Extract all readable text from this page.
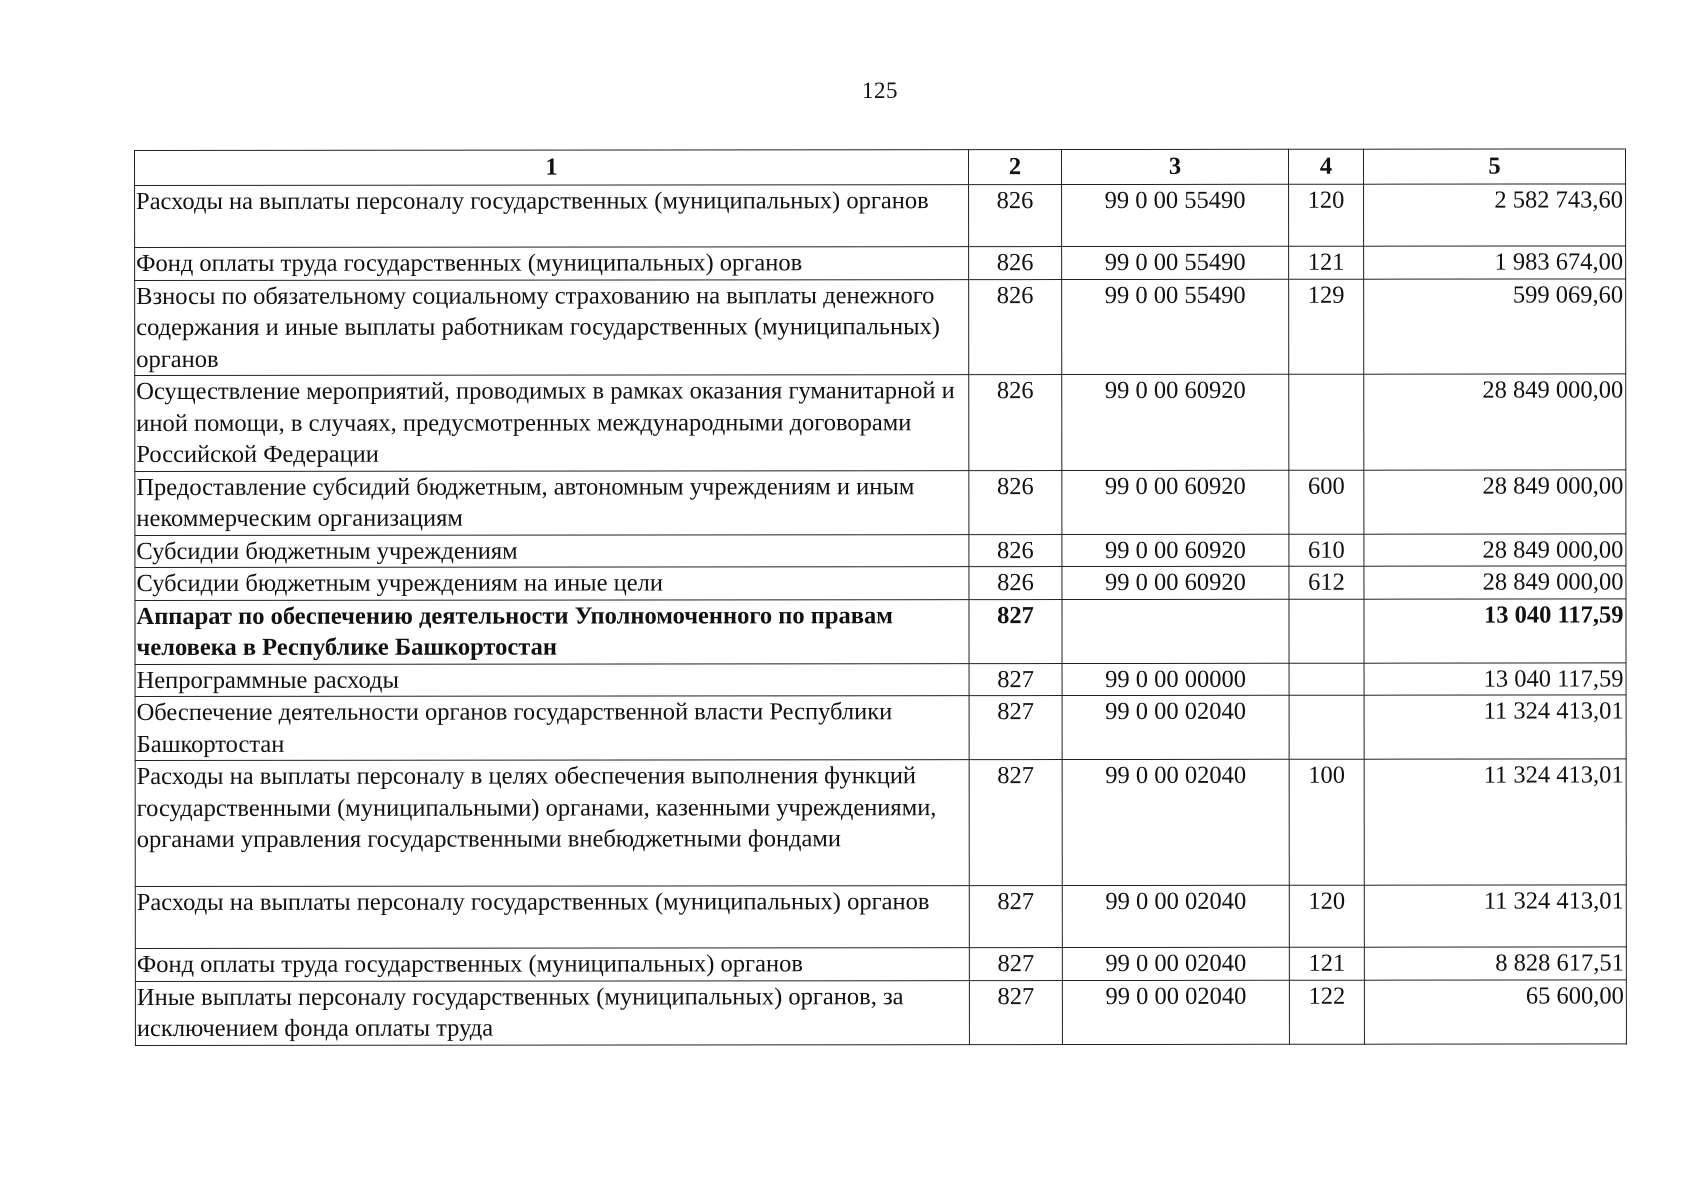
125
1	2	3	4	5
Расходы на выплаты персоналу государственных (муниципальных) органов	826	99 0 00 55490	120	2 582 743,60
Фонд оплаты труда государственных (муниципальных) органов	826	99 0 00 55490	121	1 983 674,00
Взносы по обязательному социальному страхованию на выплаты денежного содержания и иные выплаты работникам государственных (муниципальных) органов	826	99 0 00 55490	129	599 069,60
Осуществление мероприятий, проводимых в рамках оказания гуманитарной и иной помощи, в случаях, предусмотренных международными договорами Российской Федерации	826	99 0 00 60920		28 849 000,00
Предоставление субсидий бюджетным, автономным учреждениям и иным некоммерческим организациям	826	99 0 00 60920	600	28 849 000,00
Субсидии бюджетным учреждениям	826	99 0 00 60920	610	28 849 000,00
Субсидии бюджетным учреждениям на иные цели	826	99 0 00 60920	612	28 849 000,00
Аппарат по обеспечению деятельности Уполномоченного по правам человека в Республике Башкортостан	827			13 040 117,59
Непрограммные расходы	827	99 0 00 00000		13 040 117,59
Обеспечение деятельности органов государственной власти Республики Башкортостан	827	99 0 00 02040		11 324 413,01
Расходы на выплаты персоналу в целях обеспечения выполнения функций государственными (муниципальными) органами, казенными учреждениями, органами управления государственными внебюджетными фондами	827	99 0 00 02040	100	11 324 413,01
Расходы на выплаты персоналу государственных (муниципальных) органов	827	99 0 00 02040	120	11 324 413,01
Фонд оплаты труда государственных (муниципальных) органов	827	99 0 00 02040	121	8 828 617,51
Иные выплаты персоналу государственных (муниципальных) органов, за исключением фонда оплаты труда	827	99 0 00 02040	122	65 600,00
